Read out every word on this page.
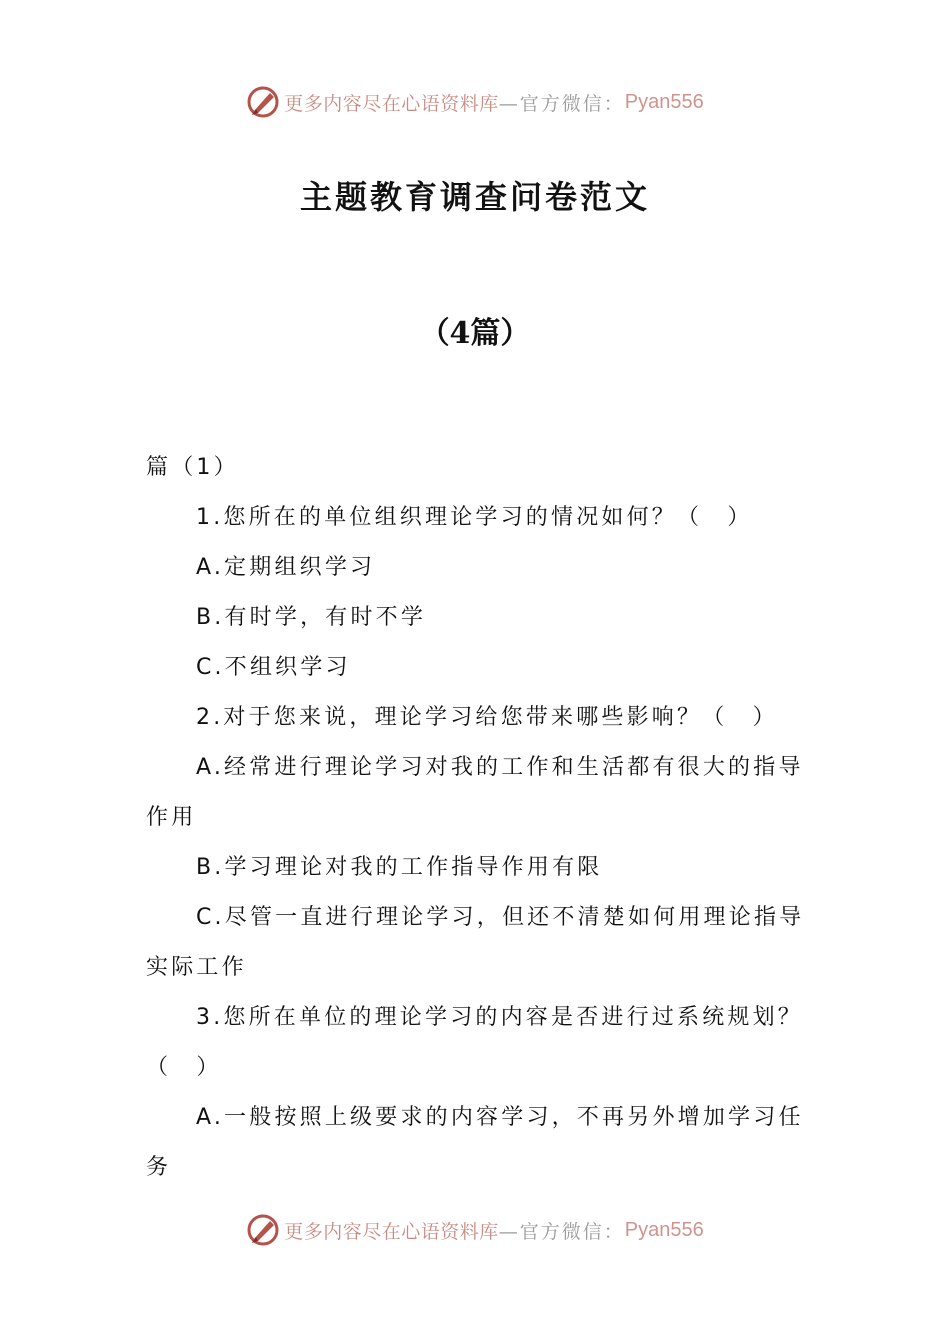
更多内容尽在心语资料库 —官方微信： Pyan556
主题教育调查问卷范文
（4篇）

篇（1）

1.您所在的单位组织理论学习的情况如何？（　）

A.定期组织学习

B.有时学，有时不学

C.不组织学习

2.对于您来说，理论学习给您带来哪些影响？（　）

A.经常进行理论学习对我的工作和生活都有很大的指导作用

B.学习理论对我的工作指导作用有限

C.尽管一直进行理论学习，但还不清楚如何用理论指导实际工作

3.您所在单位的理论学习的内容是否进行过系统规划？（　）

A.一般按照上级要求的内容学习，不再另外增加学习任务

更多内容尽在心语资料库 —官方微信： Pyan556
